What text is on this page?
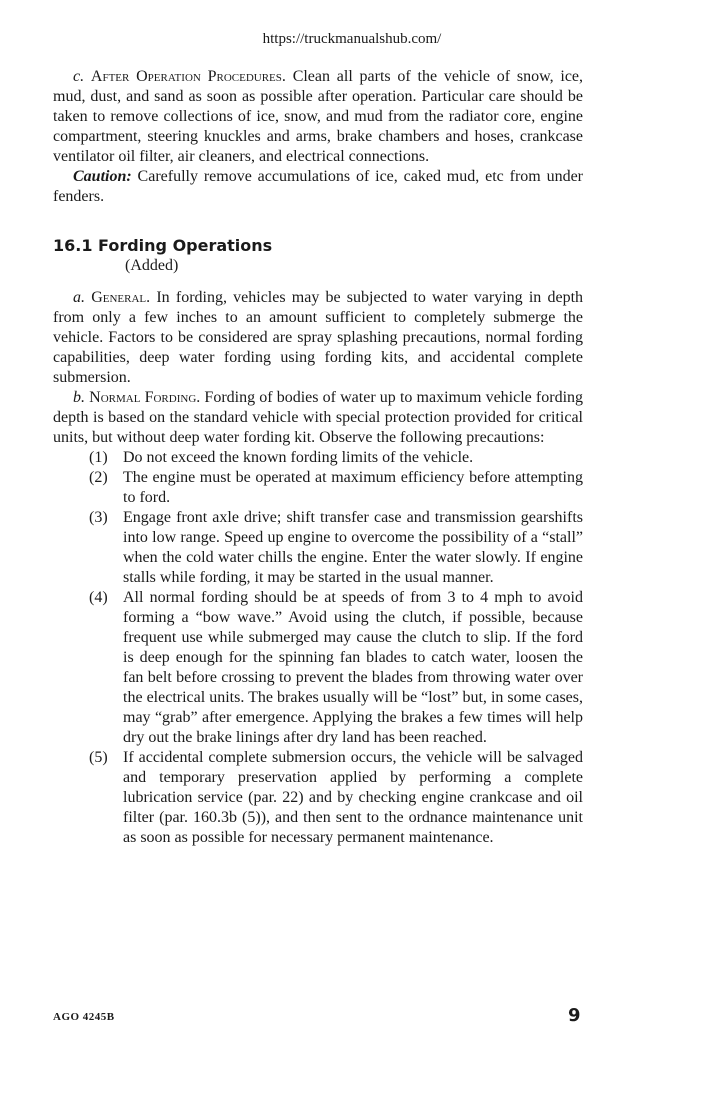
https://truckmanualshub.com/

c. After Operation Procedures. Clean all parts of the vehicle of snow, ice, mud, dust, and sand as soon as possible after operation. Particular care should be taken to remove collections of ice, snow, and mud from the radiator core, engine compartment, steering knuckles and arms, brake chambers and hoses, crankcase ventilator oil filter, air cleaners, and electrical connections.

Caution: Carefully remove accumulations of ice, caked mud, etc from under fenders.

16.1 Fording Operations
(Added)

a. General. In fording, vehicles may be subjected to water varying in depth from only a few inches to an amount sufficient to completely submerge the vehicle. Factors to be considered are spray splashing precautions, normal fording capabilities, deep water fording using fording kits, and accidental complete submersion.

b. Normal Fording. Fording of bodies of water up to maximum vehicle fording depth is based on the standard vehicle with special protection provided for critical units, but without deep water fording kit. Observe the following precautions:

(1) Do not exceed the known fording limits of the vehicle.
(2) The engine must be operated at maximum efficiency before attempting to ford.
(3) Engage front axle drive; shift transfer case and transmission gearshifts into low range. Speed up engine to overcome the possibility of a “stall” when the cold water chills the engine. Enter the water slowly. If engine stalls while fording, it may be started in the usual manner.
(4) All normal fording should be at speeds of from 3 to 4 mph to avoid forming a “bow wave.” Avoid using the clutch, if possible, because frequent use while submerged may cause the clutch to slip. If the ford is deep enough for the spinning fan blades to catch water, loosen the fan belt before crossing to prevent the blades from throwing water over the electrical units. The brakes usually will be “lost” but, in some cases, may “grab” after emergence. Applying the brakes a few times will help dry out the brake linings after dry land has been reached.
(5) If accidental complete submersion occurs, the vehicle will be salvaged and temporary preservation applied by performing a complete lubrication service (par. 22) and by checking engine crankcase and oil filter (par. 160.3b (5)), and then sent to the ordnance maintenance unit as soon as possible for necessary permanent maintenance.
AGO 4245B	9
